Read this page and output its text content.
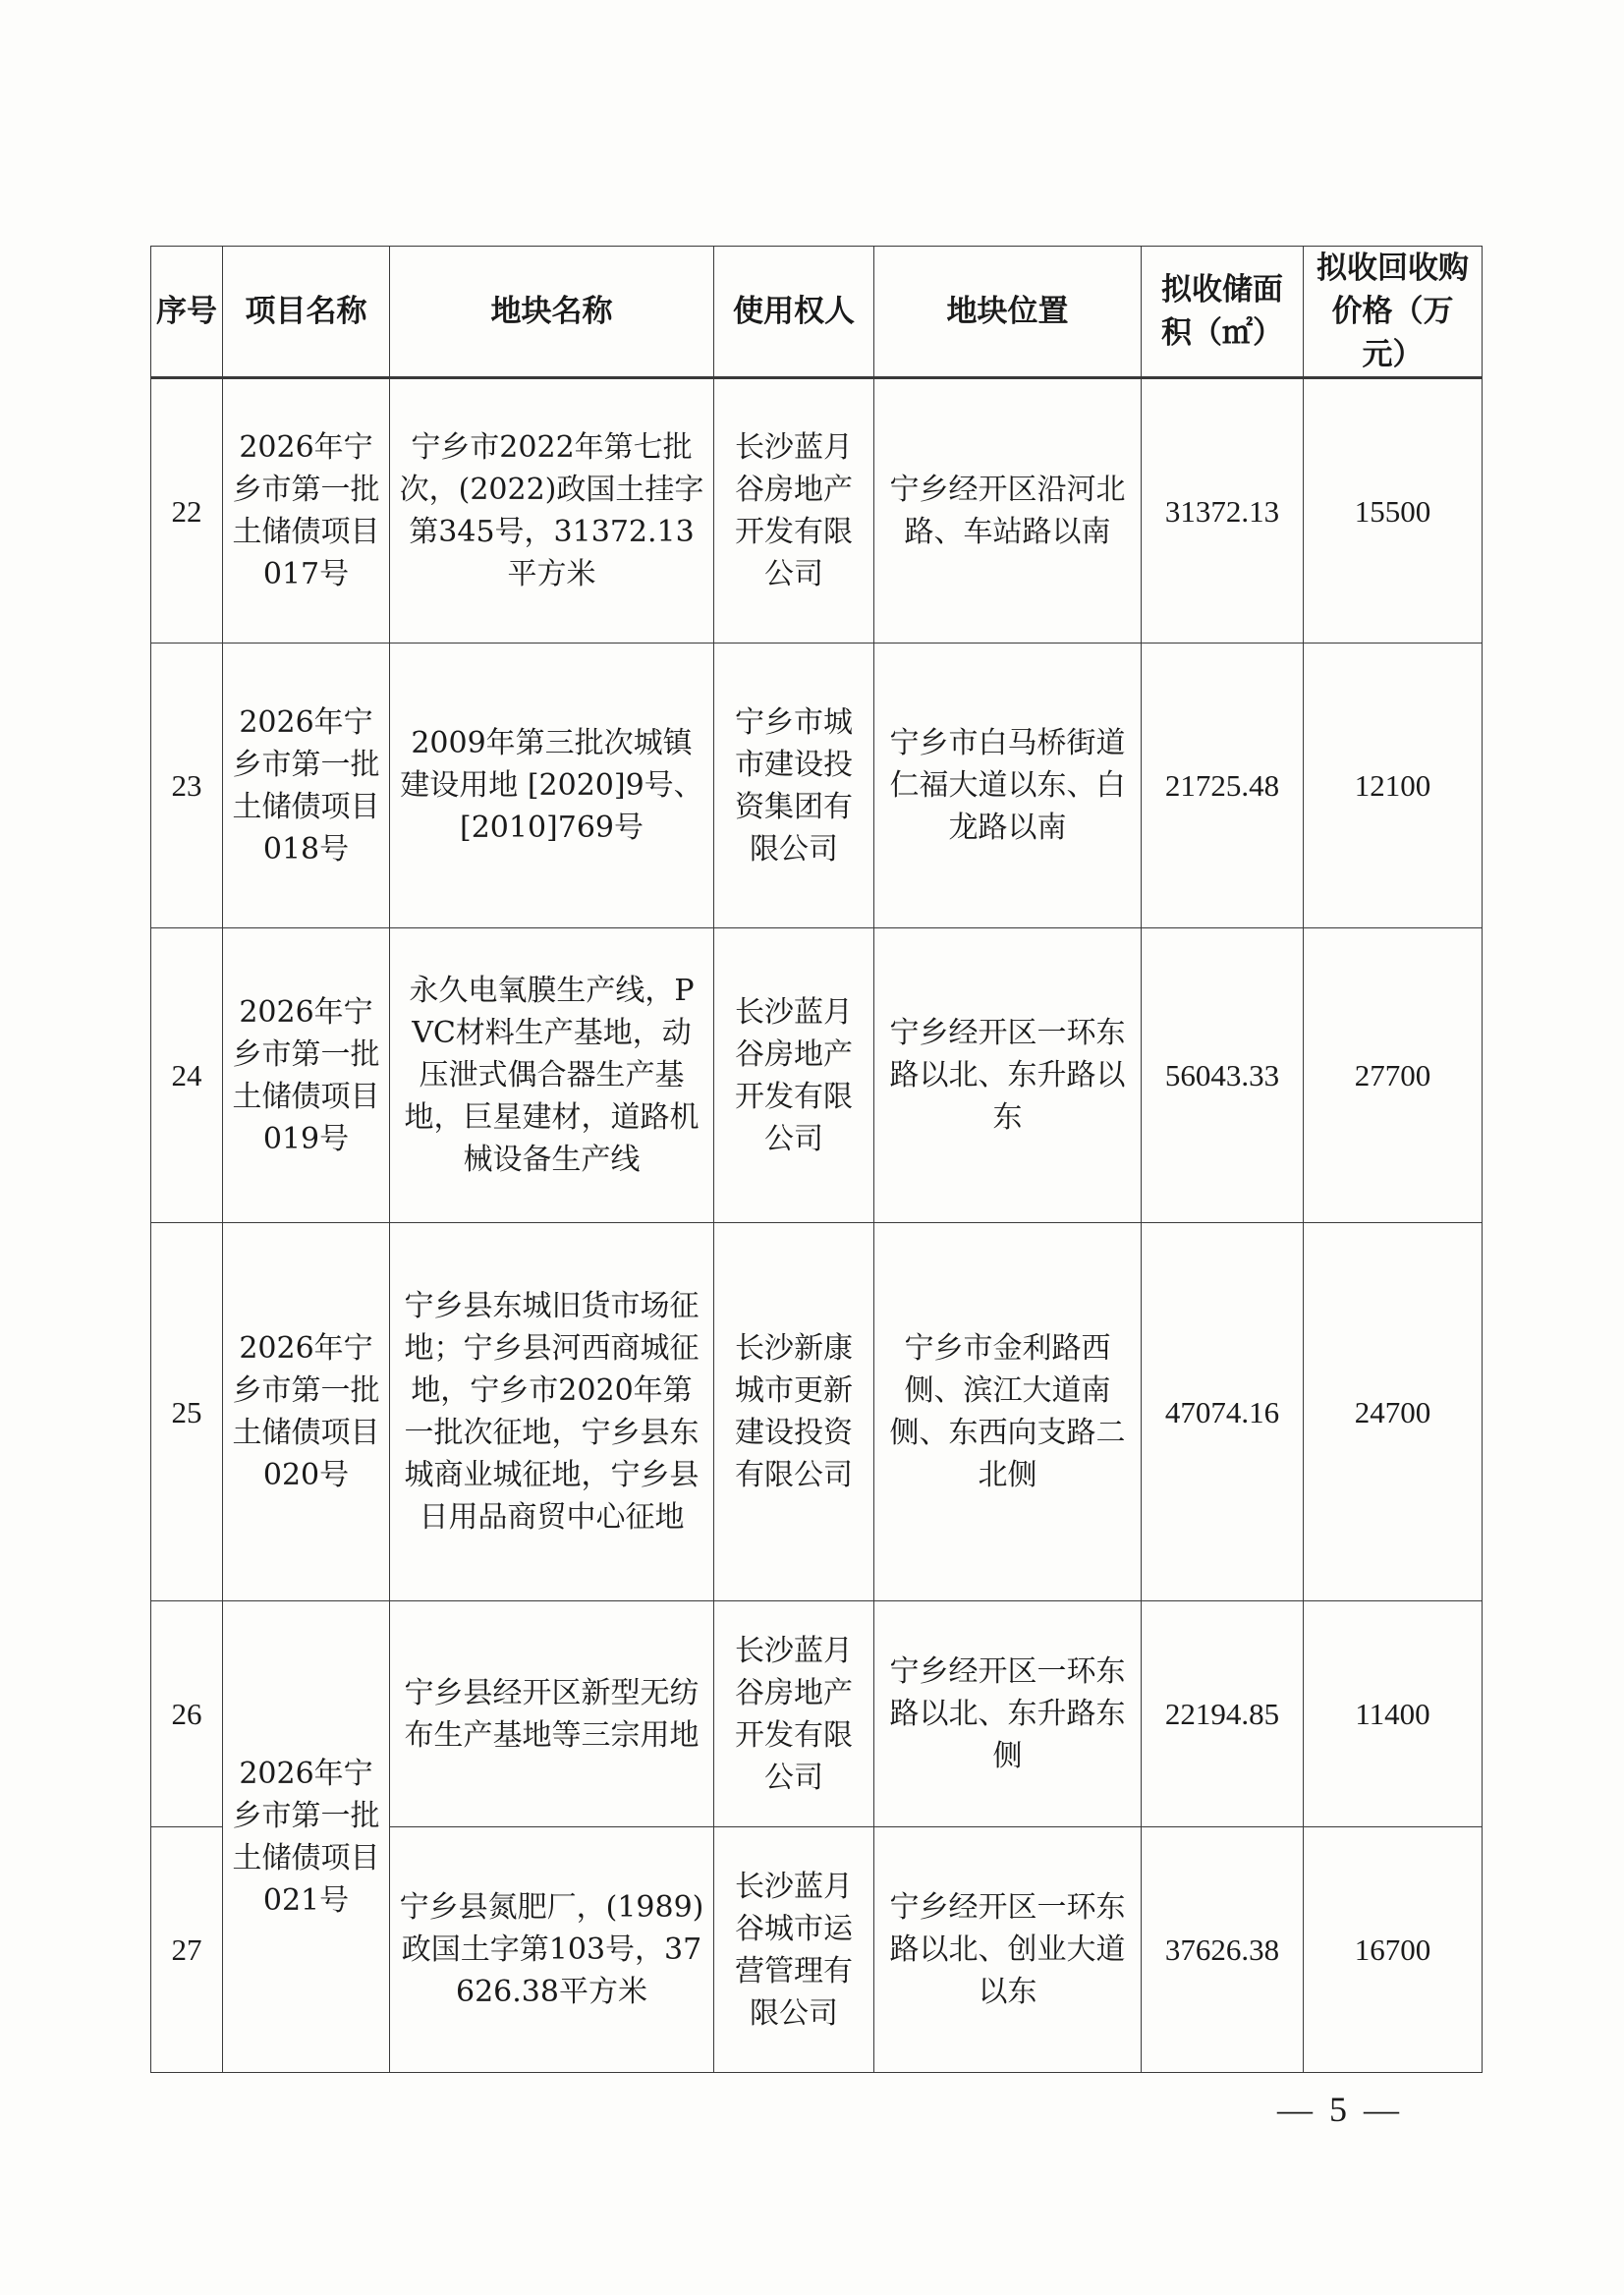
序号	项目名称	地块名称	使用权人	地块位置	拟收储面积（㎡）	拟收回收购价格（万元）
22	2026年宁乡市第一批土储债项目017号	宁乡市2022年第七批次，(2022)政国土挂字第345号，31372.13平方米	长沙蓝月谷房地产开发有限公司	宁乡经开区沿河北路、车站路以南	31372.13	15500
23	2026年宁乡市第一批土储债项目018号	2009年第三批次城镇建设用地 [2020]9号、[2010]769号	宁乡市城市建设投资集团有限公司	宁乡市白马桥街道仁福大道以东、白龙路以南	21725.48	12100
24	2026年宁乡市第一批土储债项目019号	永久电氧膜生产线，PVC材料生产基地，动压泄式偶合器生产基地，巨星建材，道路机械设备生产线	长沙蓝月谷房地产开发有限公司	宁乡经开区一环东路以北、东升路以东	56043.33	27700
25	2026年宁乡市第一批土储债项目020号	宁乡县东城旧货市场征地；宁乡县河西商城征地，宁乡市2020年第一批次征地，宁乡县东城商业城征地，宁乡县日用品商贸中心征地	长沙新康城市更新建设投资有限公司	宁乡市金利路西侧、滨江大道南侧、东西向支路二北侧	47074.16	24700
26	2026年宁乡市第一批土储债项目021号	宁乡县经开区新型无纺布生产基地等三宗用地	长沙蓝月谷房地产开发有限公司	宁乡经开区一环东路以北、东升路东侧	22194.85	11400
27		宁乡县氮肥厂，(1989)政国土字第103号，37626.38平方米	长沙蓝月谷城市运营管理有限公司	宁乡经开区一环东路以北、创业大道以东	37626.38	16700
— 5 —
